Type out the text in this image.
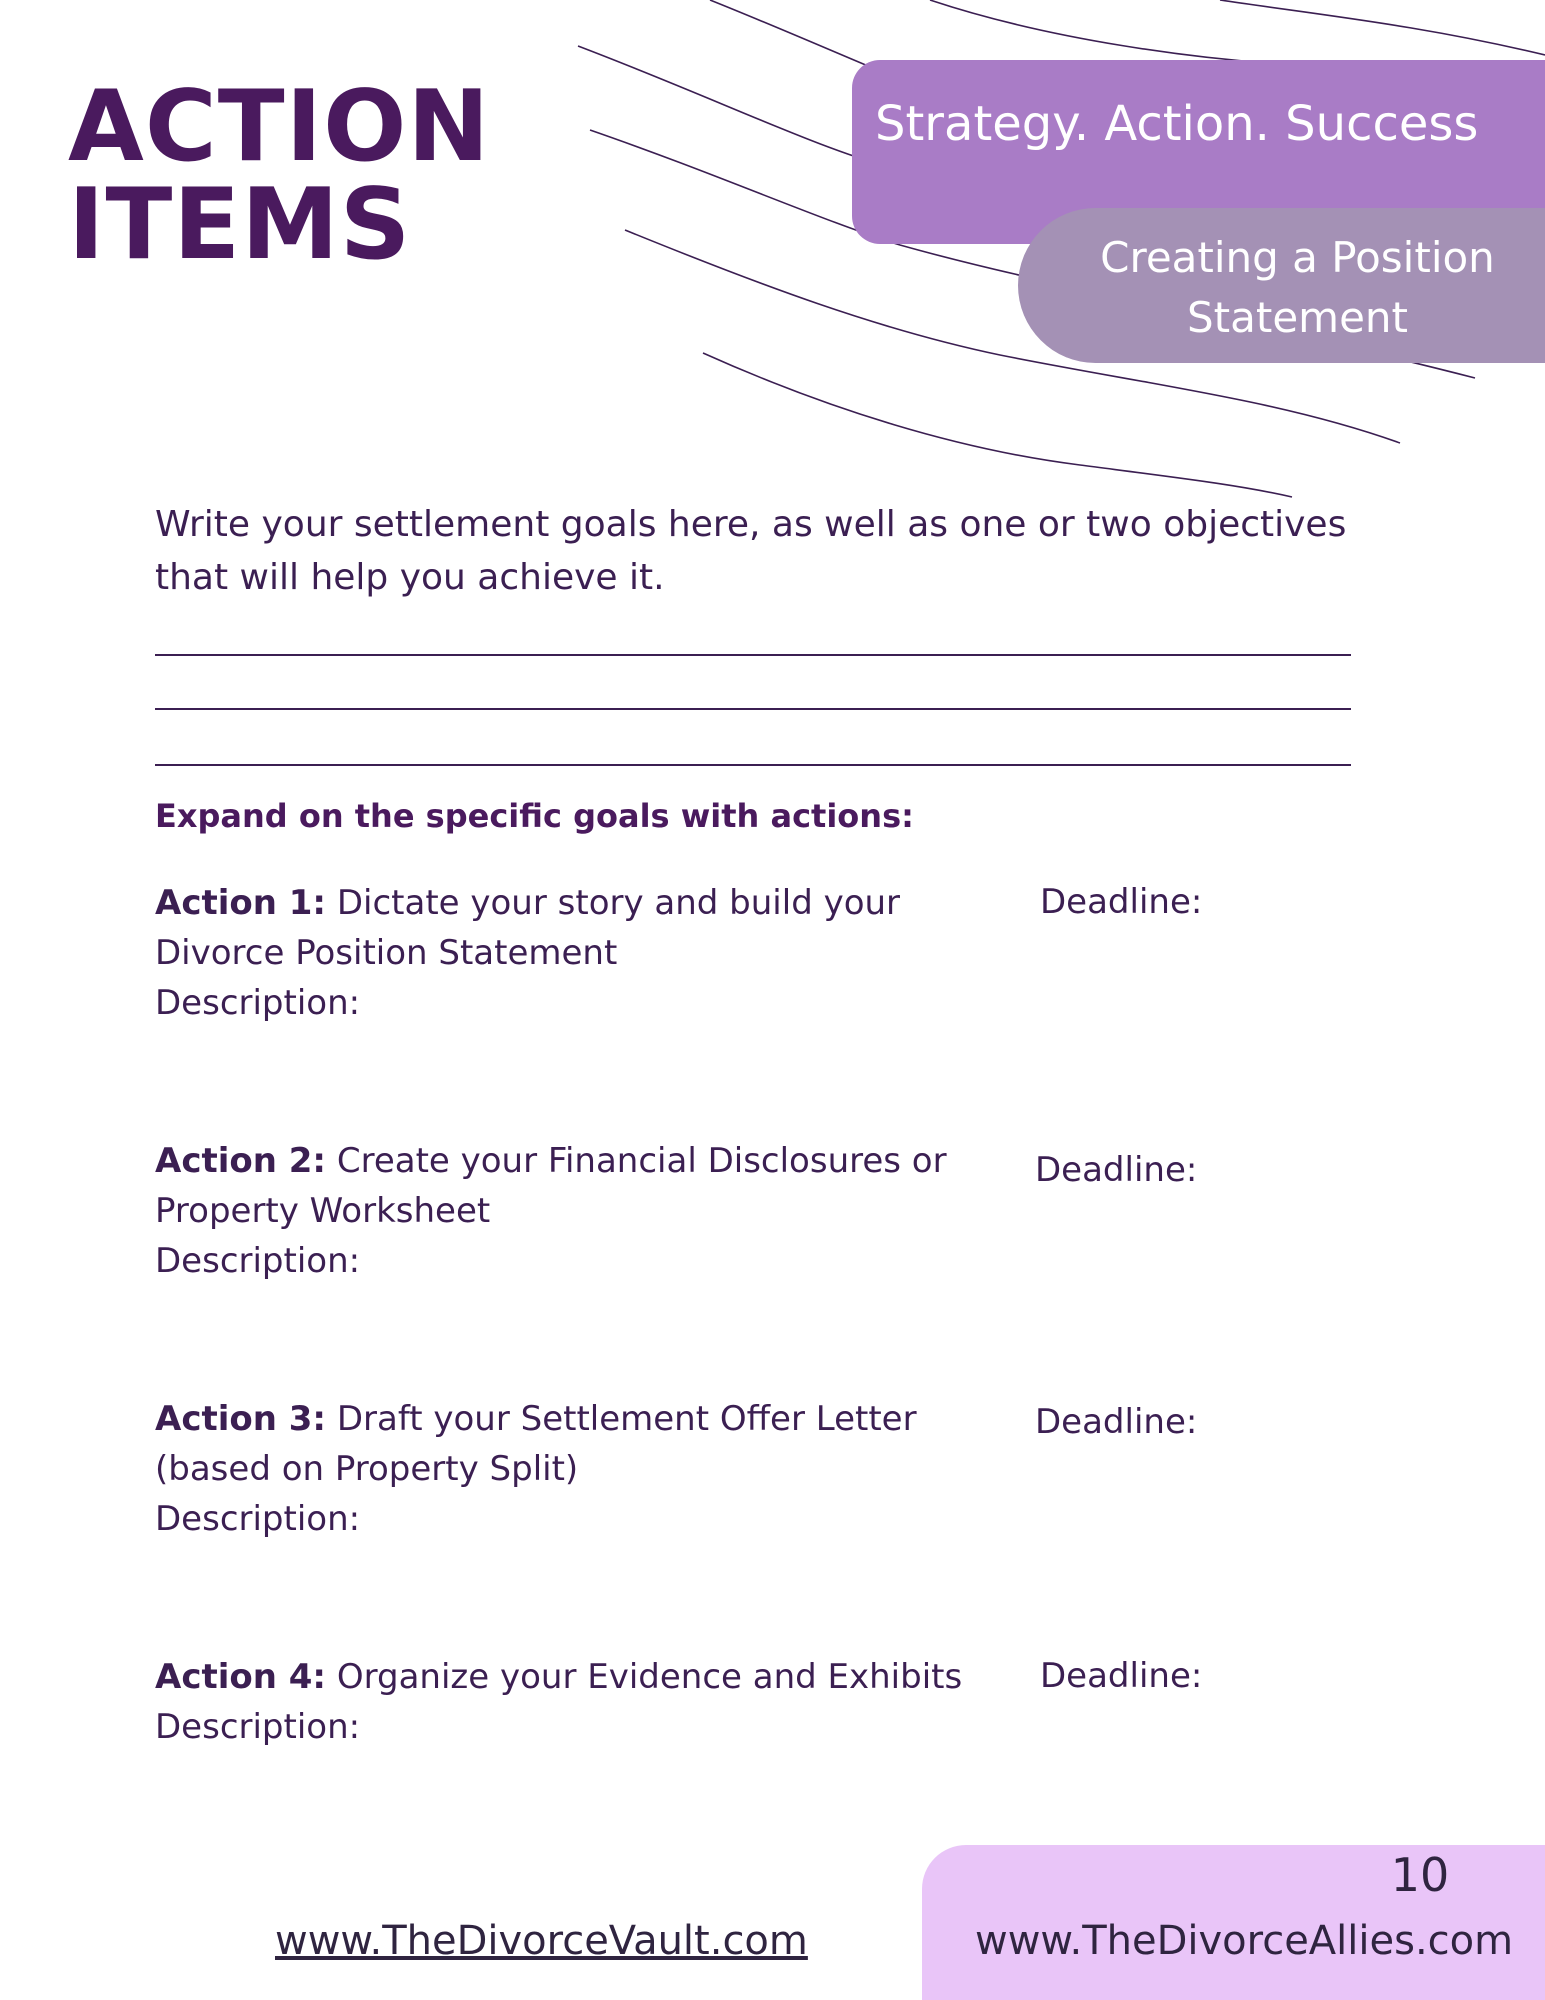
ACTION
ITEMS
Strategy. Action. Success
Creating a Position Statement
Write your settlement goals here, as well as one or two objectives that will help you achieve it.
Expand on the specific goals with actions:
Action 1: Dictate your story and build your Divorce Position Statement
Description:
Deadline:
Action 2: Create your Financial Disclosures or Property Worksheet
Description:
Deadline:
Action 3: Draft your Settlement Offer Letter (based on Property Split)
Description:
Deadline:
Action 4: Organize your Evidence and Exhibits
Description:
Deadline:
10
www.TheDivorceVault.com	www.TheDivorceAllies.com
